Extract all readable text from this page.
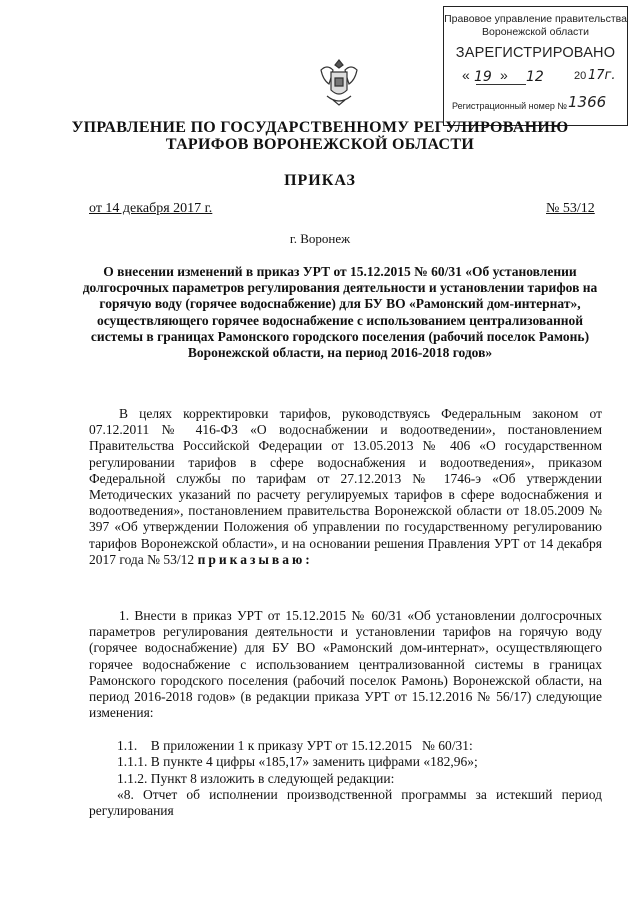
Правовое управление правительства
Воронежской области
ЗАРЕГИСТРИРОВАНО
« 19 » 12	20 17г.
Регистрационный номер № 1366
УПРАВЛЕНИЕ ПО ГОСУДАРСТВЕННОМУ РЕГУЛИРОВАНИЮ
ТАРИФОВ ВОРОНЕЖСКОЙ ОБЛАСТИ
ПРИКАЗ
от 14 декабря 2017 г.	№ 53/12
г. Воронеж
О внесении изменений в приказ УРТ от 15.12.2015 № 60/31 «Об установлении долгосрочных параметров регулирования деятельности и установлении тарифов на горячую воду (горячее водоснабжение) для БУ ВО «Рамонский дом-интернат», осуществляющего горячее водоснабжение с использованием централизованной системы в границах Рамонского городского поселения (рабочий поселок Рамонь) Воронежской области, на период 2016-2018 годов»
В целях корректировки тарифов, руководствуясь Федеральным законом от 07.12.2011 № 416-ФЗ «О водоснабжении и водоотведении», постановлением Правительства Российской Федерации от 13.05.2013 № 406 «О государственном регулировании тарифов в сфере водоснабжения и водоотведения», приказом Федеральной службы по тарифам от 27.12.2013 № 1746-э «Об утверждении Методических указаний по расчету регулируемых тарифов в сфере водоснабжения и водоотведения», постановлением правительства Воронежской области от 18.05.2009 № 397 «Об утверждении Положения об управлении по государственному регулированию тарифов Воронежской области», и на основании решения Правления УРТ от 14 декабря 2017 года № 53/12 приказываю:
1. Внести в приказ УРТ от 15.12.2015 № 60/31 «Об установлении долгосрочных параметров регулирования деятельности и установлении тарифов на горячую воду (горячее водоснабжение) для БУ ВО «Рамонский дом-интернат», осуществляющего горячее водоснабжение с использованием централизованной системы в границах Рамонского городского поселения (рабочий поселок Рамонь) Воронежской области, на период 2016-2018 годов» (в редакции приказа УРТ от 15.12.2016 № 56/17) следующие изменения:
1.1.    В приложении 1 к приказу УРТ от 15.12.2015   № 60/31:
1.1.1. В пункте 4 цифры «185,17» заменить цифрами «182,96»;
1.1.2. Пункт 8 изложить в следующей редакции:
«8. Отчет об исполнении производственной программы за истекший период регулирования
